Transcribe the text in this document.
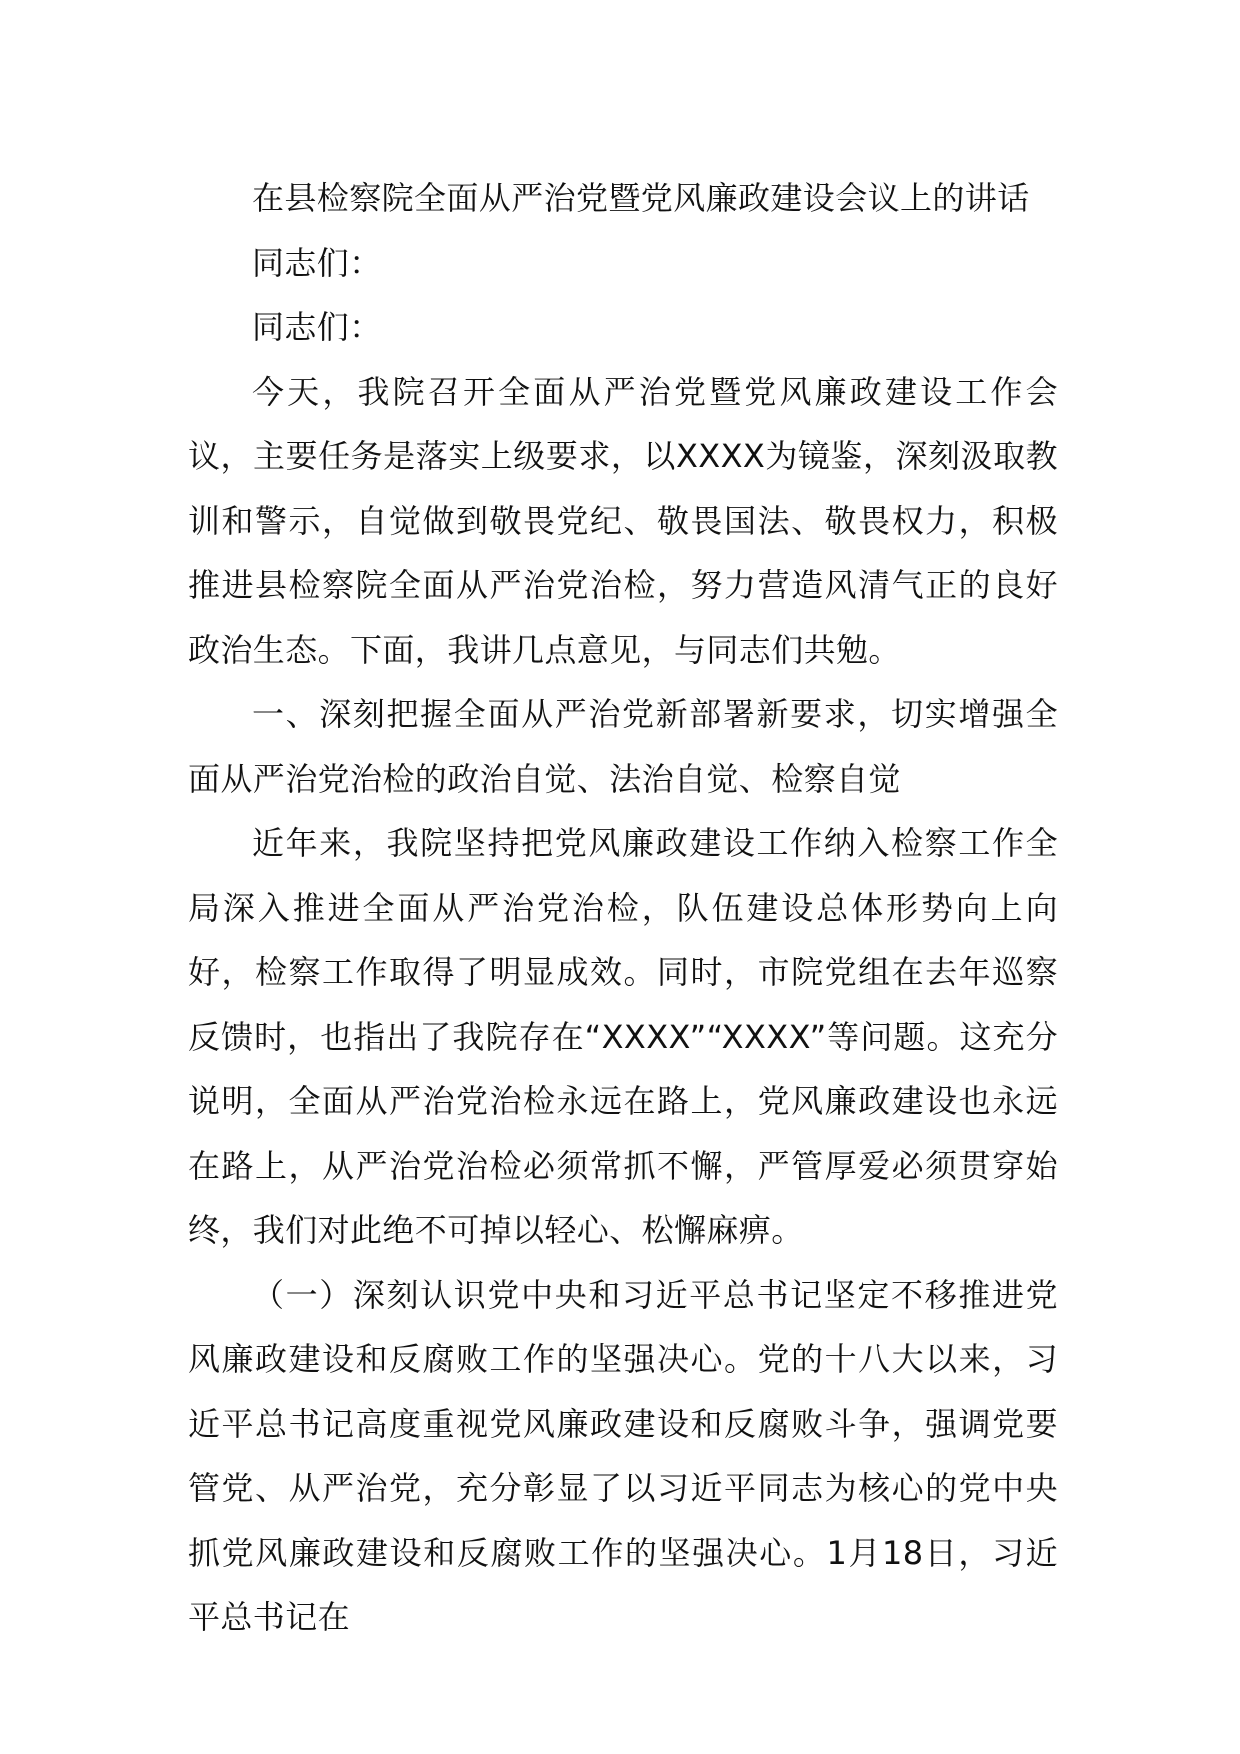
在县检察院全面从严治党暨党风廉政建设会议上的讲话

同志们：

同志们：

今天，我院召开全面从严治党暨党风廉政建设工作会议，主要任务是落实上级要求，以XXXX为镜鉴，深刻汲取教训和警示，自觉做到敬畏党纪、敬畏国法、敬畏权力，积极推进县检察院全面从严治党治检，努力营造风清气正的良好政治生态。下面，我讲几点意见，与同志们共勉。

一、深刻把握全面从严治党新部署新要求，切实增强全面从严治党治检的政治自觉、法治自觉、检察自觉

近年来，我院坚持把党风廉政建设工作纳入检察工作全局深入推进全面从严治党治检，队伍建设总体形势向上向好，检察工作取得了明显成效。同时，市院党组在去年巡察反馈时，也指出了我院存在“XXXX”“XXXX”等问题。这充分说明，全面从严治党治检永远在路上，党风廉政建设也永远在路上，从严治党治检必须常抓不懈，严管厚爱必须贯穿始终，我们对此绝不可掉以轻心、松懈麻痹。

（一）深刻认识党中央和习近平总书记坚定不移推进党风廉政建设和反腐败工作的坚强决心。党的十八大以来，习近平总书记高度重视党风廉政建设和反腐败斗争，强调党要管党、从严治党，充分彰显了以习近平同志为核心的党中央抓党风廉政建设和反腐败工作的坚强决心。1月18日，习近平总书记在
